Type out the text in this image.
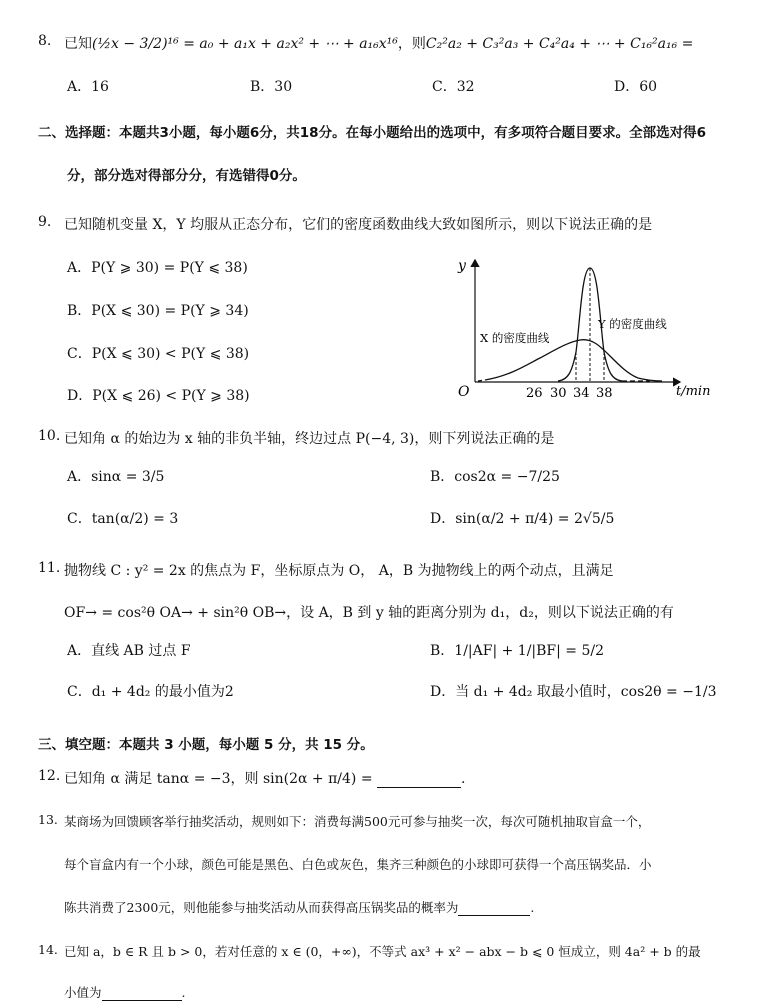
8. 已知(½x − 3/2)¹⁶ = a₀ + a₁x + a₂x² + ⋯ + a₁₆x¹⁶，则C₂²a₂ + C₃²a₃ + C₄²a₄ + ⋯ + C₁₆²a₁₆ =
A．16	B．30	C．32	D．60
二、选择题：本题共3小题，每小题6分，共18分。在每小题给出的选项中，有多项符合题目要求。全部选对得6
分，部分选对得部分分，有选错得0分。
9. 已知随机变量 X，Y 均服从正态分布，它们的密度函数曲线大致如图所示，则以下说法正确的是
A．P(Y ⩾ 30) = P(Y ⩽ 38)
B．P(X ⩽ 30) = P(Y ⩾ 34)
C．P(X ⩽ 30) < P(Y ⩽ 38)
D．P(X ⩽ 26) < P(Y ⩾ 38)
y
O	t/min
X 的密度曲线
Y 的密度曲线
26 30 34 38
10. 已知角 α 的始边为 x 轴的非负半轴，终边过点 P(−4, 3)，则下列说法正确的是
A．sinα = 3/5	B．cos2α = −7/25
C．tan(α/2) = 3	D．sin(α/2 + π/4) = 2√5/5
11. 抛物线 C : y² = 2x 的焦点为 F，坐标原点为 O， A，B 为抛物线上的两个动点，且满足
OF→ = cos²θ OA→ + sin²θ OB→，设 A，B 到 y 轴的距离分别为 d₁，d₂，则以下说法正确的有
A．直线 AB 过点 F	B．1/|AF| + 1/|BF| = 5/2
C．d₁ + 4d₂ 的最小值为2	D．当 d₁ + 4d₂ 取最小值时，cos2θ = −1/3
三、填空题：本题共 3 小题，每小题 5 分，共 15 分。
12. 已知角 α 满足 tanα = −3，则 sin(2α + π/4) =	.
13. 某商场为回馈顾客举行抽奖活动，规则如下：消费每满500元可参与抽奖一次，每次可随机抽取盲盒一个，
每个盲盒内有一个小球，颜色可能是黑色、白色或灰色，集齐三种颜色的小球即可获得一个高压锅奖品．小
陈共消费了2300元，则他能参与抽奖活动从而获得高压锅奖品的概率为	.
14. 已知 a，b ∈ R 且 b > 0，若对任意的 x ∈ (0，+∞)，不等式 ax³ + x² − abx − b ⩽ 0 恒成立，则 4a² + b 的最
小值为	.
